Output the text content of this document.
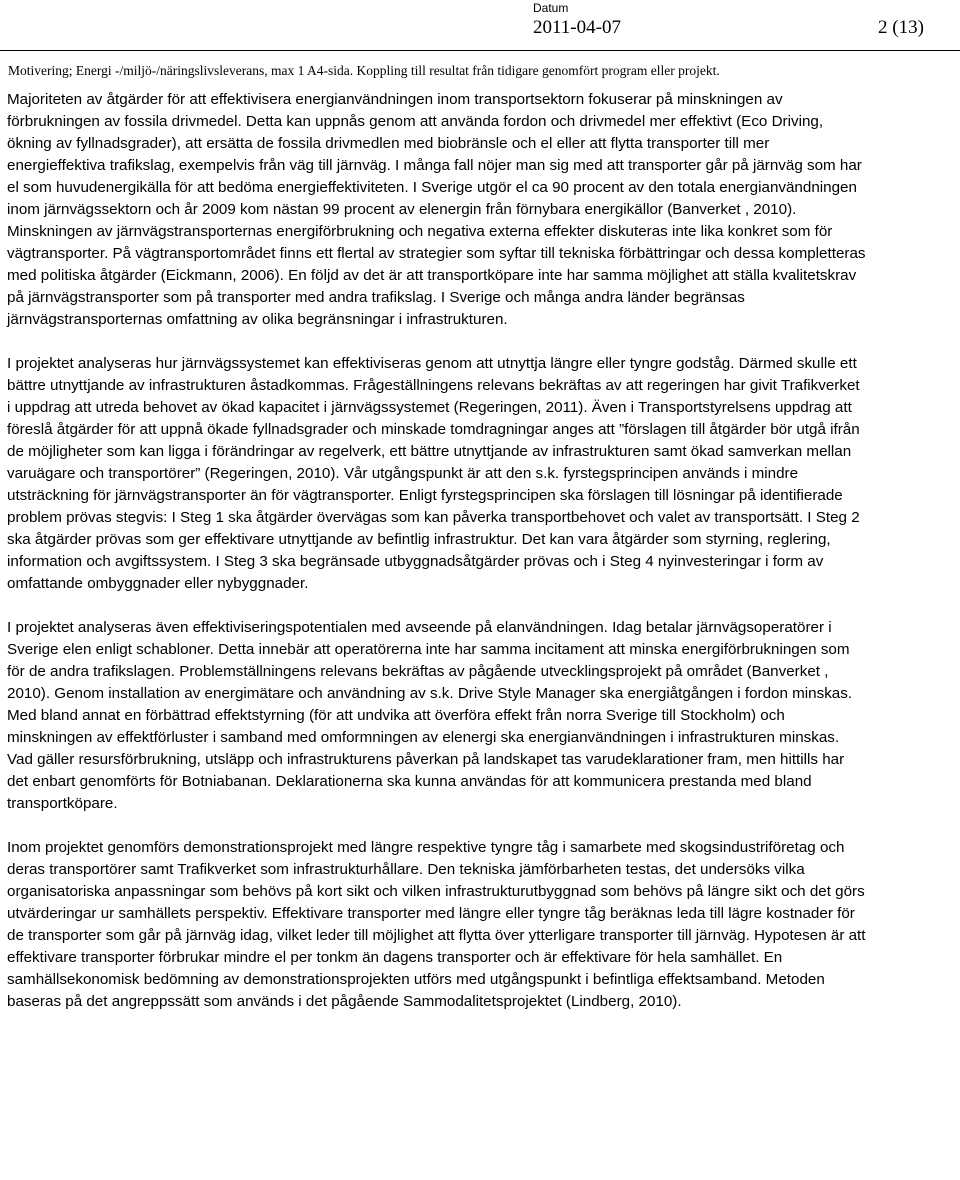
Datum
2011-04-07	2 (13)
Motivering; Energi -/miljö-/näringslivsleverans, max 1 A4-sida. Koppling till resultat från tidigare genomfört program eller projekt.

Majoriteten av åtgärder för att effektivisera energianvändningen inom transportsektorn fokuserar på minskningen av förbrukningen av fossila drivmedel. Detta kan uppnås genom att använda fordon och drivmedel mer effektivt (Eco Driving, ökning av fyllnadsgrader), att ersätta de fossila drivmedlen med biobränsle och el eller att flytta transporter till mer energieffektiva trafikslag, exempelvis från väg till järnväg. I många fall nöjer man sig med att transporter går på järnväg som har el som huvudenergikälla för att bedöma energieffektiviteten. I Sverige utgör el ca 90 procent av den totala energianvändningen inom järnvägssektorn och år 2009 kom nästan 99 procent av elenergin från förnybara energikällor (Banverket , 2010). Minskningen av järnvägstransporternas energiförbrukning och negativa externa effekter diskuteras inte lika konkret som för vägtransporter. På vägtransportområdet finns ett flertal av strategier som syftar till tekniska förbättringar och dessa kompletteras med politiska åtgärder (Eickmann, 2006). En följd av det är att transportköpare inte har samma möjlighet att ställa kvalitetskrav på järnvägstransporter som på transporter med andra trafikslag. I Sverige och många andra länder begränsas järnvägstransporternas omfattning av olika begränsningar i infrastrukturen.

I projektet analyseras hur järnvägssystemet kan effektiviseras genom att utnyttja längre eller tyngre godståg. Därmed skulle ett bättre utnyttjande av infrastrukturen åstadkommas. Frågeställningens relevans bekräftas av att regeringen har givit Trafikverket i uppdrag att utreda behovet av ökad kapacitet i järnvägssystemet (Regeringen, 2011). Även i Transportstyrelsens uppdrag att föreslå åtgärder för att uppnå ökade fyllnadsgrader och minskade tomdragningar anges att ”förslagen till åtgärder bör utgå ifrån de möjligheter som kan ligga i förändringar av regelverk, ett bättre utnyttjande av infrastrukturen samt ökad samverkan mellan varuägare och transportörer” (Regeringen, 2010). Vår utgångspunkt är att den s.k. fyrstegsprincipen används i mindre utsträckning för järnvägstransporter än för vägtransporter. Enligt fyrstegsprincipen ska förslagen till lösningar på identifierade problem prövas stegvis: I Steg 1 ska åtgärder övervägas som kan påverka transportbehovet och valet av transportsätt. I Steg 2 ska åtgärder prövas som ger effektivare utnyttjande av befintlig infrastruktur. Det kan vara åtgärder som styrning, reglering, information och avgiftssystem. I Steg 3 ska begränsade utbyggnadsåtgärder prövas och i Steg 4 nyinvesteringar i form av omfattande ombyggnader eller nybyggnader.

I projektet analyseras även effektiviseringspotentialen med avseende på elanvändningen. Idag betalar järnvägsoperatörer i Sverige elen enligt schabloner. Detta innebär att operatörerna inte har samma incitament att minska energiförbrukningen som för de andra trafikslagen. Problemställningens relevans bekräftas av pågående utvecklingsprojekt på området (Banverket , 2010). Genom installation av energimätare och användning av s.k. Drive Style Manager ska energiåtgången i fordon minskas. Med bland annat en förbättrad effektstyrning (för att undvika att överföra effekt från norra Sverige till Stockholm) och minskningen av effektförluster i samband med omformningen av elenergi ska energianvändningen i infrastrukturen minskas. Vad gäller resursförbrukning, utsläpp och infrastrukturens påverkan på landskapet tas varudeklarationer fram, men hittills har det enbart genomförts för Botniabanan. Deklarationerna ska kunna användas för att kommunicera prestanda med bland transportköpare.

Inom projektet genomförs demonstrationsprojekt med längre respektive tyngre tåg i samarbete med skogsindustriföretag och deras transportörer samt Trafikverket som infrastrukturhållare. Den tekniska jämförbarheten testas, det undersöks vilka organisatoriska anpassningar som behövs på kort sikt och vilken infrastrukturutbyggnad som behövs på längre sikt och det görs utvärderingar ur samhällets perspektiv. Effektivare transporter med längre eller tyngre tåg beräknas leda till lägre kostnader för de transporter som går på järnväg idag, vilket leder till möjlighet att flytta över ytterligare transporter till järnväg. Hypotesen är att effektivare transporter förbrukar mindre el per tonkm än dagens transporter och är effektivare för hela samhället. En samhällsekonomisk bedömning av demonstrationsprojekten utförs med utgångspunkt i befintliga effektsamband. Metoden baseras på det angreppssätt som används i det pågående Sammodalitetsprojektet (Lindberg, 2010).
